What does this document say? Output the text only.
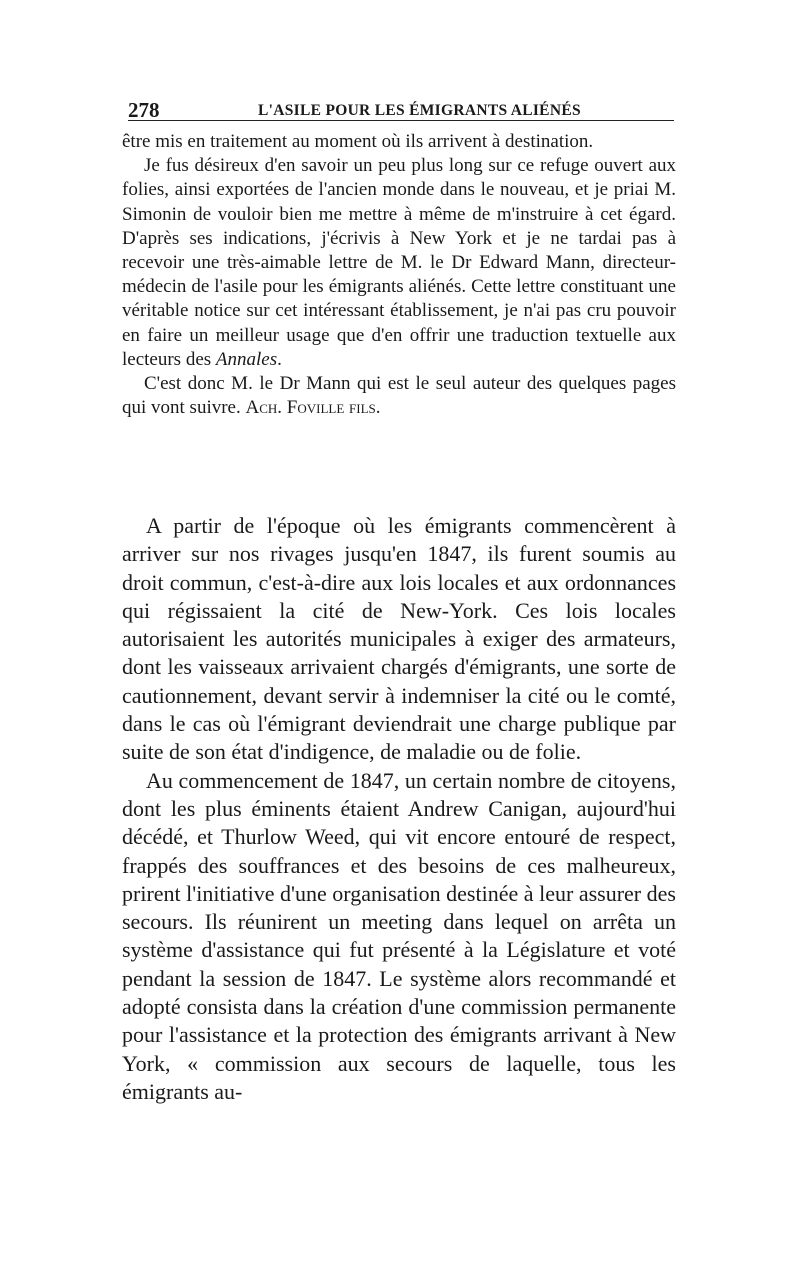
278	L'ASILE POUR LES ÉMIGRANTS ALIÉNÉS

être mis en traitement au moment où ils arrivent à destination.

Je fus désireux d'en savoir un peu plus long sur ce refuge ouvert aux folies, ainsi exportées de l'ancien monde dans le nouveau, et je priai M. Simonin de vouloir bien me mettre à même de m'instruire à cet égard. D'après ses indications, j'écrivis à New York et je ne tardai pas à recevoir une très-aimable lettre de M. le Dr Edward Mann, directeur-médecin de l'asile pour les émigrants aliénés. Cette lettre constituant une véritable notice sur cet intéressant établissement, je n'ai pas cru pouvoir en faire un meilleur usage que d'en offrir une traduction textuelle aux lecteurs des Annales.

C'est donc M. le Dr Mann qui est le seul auteur des quelques pages qui vont suivre. Ach. Foville fils.

A partir de l'époque où les émigrants commencèrent à arriver sur nos rivages jusqu'en 1847, ils furent soumis au droit commun, c'est-à-dire aux lois locales et aux ordonnances qui régissaient la cité de New-York. Ces lois locales autorisaient les autorités municipales à exiger des armateurs, dont les vaisseaux arrivaient chargés d'émigrants, une sorte de cautionnement, devant servir à indemniser la cité ou le comté, dans le cas où l'émigrant deviendrait une charge publique par suite de son état d'indigence, de maladie ou de folie.

Au commencement de 1847, un certain nombre de citoyens, dont les plus éminents étaient Andrew Canigan, aujourd'hui décédé, et Thurlow Weed, qui vit encore entouré de respect, frappés des souffrances et des besoins de ces malheureux, prirent l'initiative d'une organisation destinée à leur assurer des secours. Ils réunirent un meeting dans lequel on arrêta un système d'assistance qui fut présenté à la Législature et voté pendant la session de 1847. Le système alors recommandé et adopté consista dans la création d'une commission permanente pour l'assistance et la protection des émigrants arrivant à New York, « commission aux secours de laquelle, tous les émigrants au-
